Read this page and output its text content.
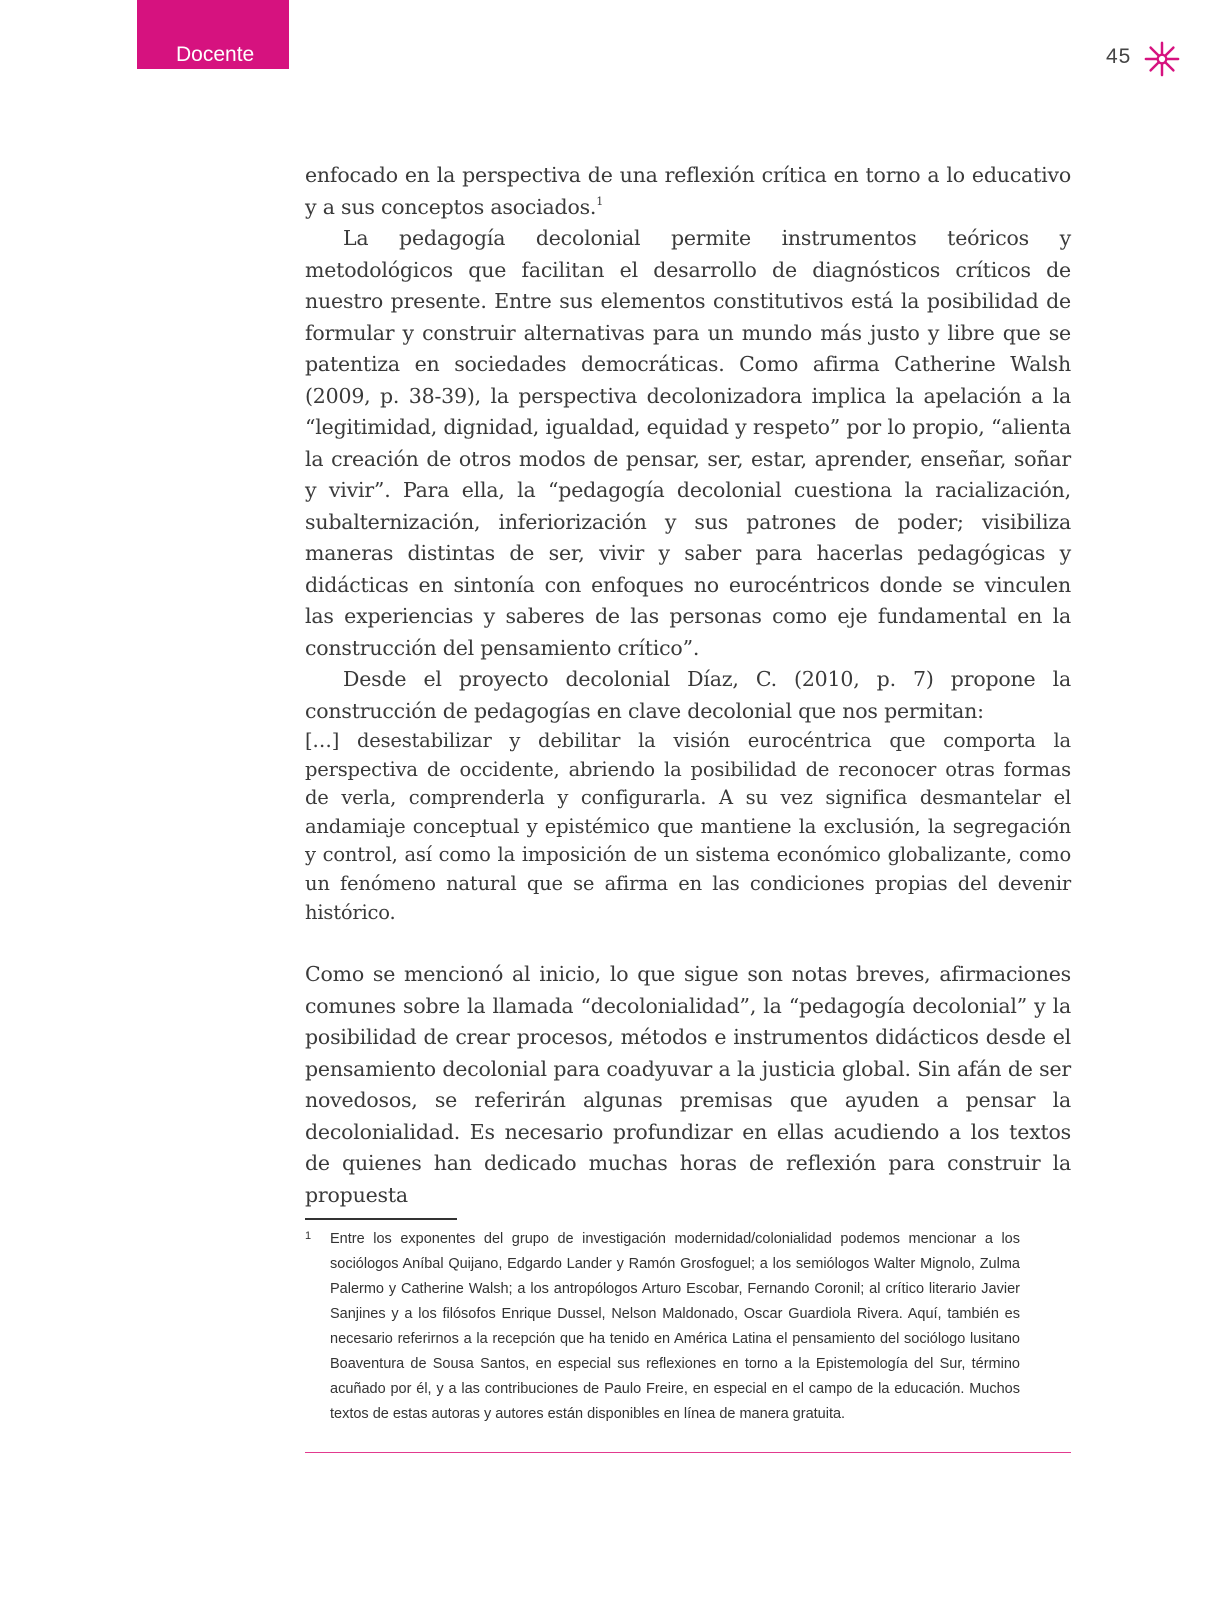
Docente	45

enfocado en la perspectiva de una reflexión crítica en torno a lo educativo y a sus conceptos asociados.$^1$

La pedagogía decolonial permite instrumentos teóricos y metodológicos que facilitan el desarrollo de diagnósticos críticos de nuestro presente. Entre sus elementos constitutivos está la posibilidad de formular y construir alternativas para un mundo más justo y libre que se patentiza en sociedades democráticas. Como afirma Catherine Walsh (2009, p. 38-39), la perspectiva decolonizadora implica la apelación a la “legitimidad, dignidad, igualdad, equidad y respeto” por lo propio, “alienta la creación de otros modos de pensar, ser, estar, aprender, enseñar, soñar y vivir”. Para ella, la “pedagogía decolonial cuestiona la racialización, subalternización, inferiorización y sus patrones de poder; visibiliza maneras distintas de ser, vivir y saber para hacerlas pedagógicas y didácticas en sintonía con enfoques no eurocéntricos donde se vinculen las experiencias y saberes de las personas como eje fundamental en la construcción del pensamiento crítico”.

Desde el proyecto decolonial Díaz, C. (2010, p. 7) propone la construcción de pedagogías en clave decolonial que nos permitan:

[…] desestabilizar y debilitar la visión eurocéntrica que comporta la perspectiva de occidente, abriendo la posibilidad de reconocer otras formas de verla, comprenderla y configurarla. A su vez significa desmantelar el andamiaje conceptual y epistémico que mantiene la exclusión, la segregación y control, así como la imposición de un sistema económico globalizante, como un fenómeno natural que se afirma en las condiciones propias del devenir histórico.

Como se mencionó al inicio, lo que sigue son notas breves, afirmaciones comunes sobre la llamada “decolonialidad”, la “pedagogía decolonial” y la posibilidad de crear procesos, métodos e instrumentos didácticos desde el pensamiento decolonial para coadyuvar a la justicia global. Sin afán de ser novedosos, se referirán algunas premisas que ayuden a pensar la decolonialidad. Es necesario profundizar en ellas acudiendo a los textos de quienes han dedicado muchas horas de reflexión para construir la propuesta

1 Entre los exponentes del grupo de investigación modernidad/colonialidad podemos mencionar a los sociólogos Aníbal Quijano, Edgardo Lander y Ramón Grosfoguel; a los semiólogos Walter Mignolo, Zulma Palermo y Catherine Walsh; a los antropólogos Arturo Escobar, Fernando Coronil; al crítico literario Javier Sanjines y a los filósofos Enrique Dussel, Nelson Maldonado, Oscar Guardiola Rivera. Aquí, también es necesario referirnos a la recepción que ha tenido en América Latina el pensamiento del sociólogo lusitano Boaventura de Sousa Santos, en especial sus reflexiones en torno a la Epistemología del Sur, término acuñado por él, y a las contribuciones de Paulo Freire, en especial en el campo de la educación. Muchos textos de estas autoras y autores están disponibles en línea de manera gratuita.
